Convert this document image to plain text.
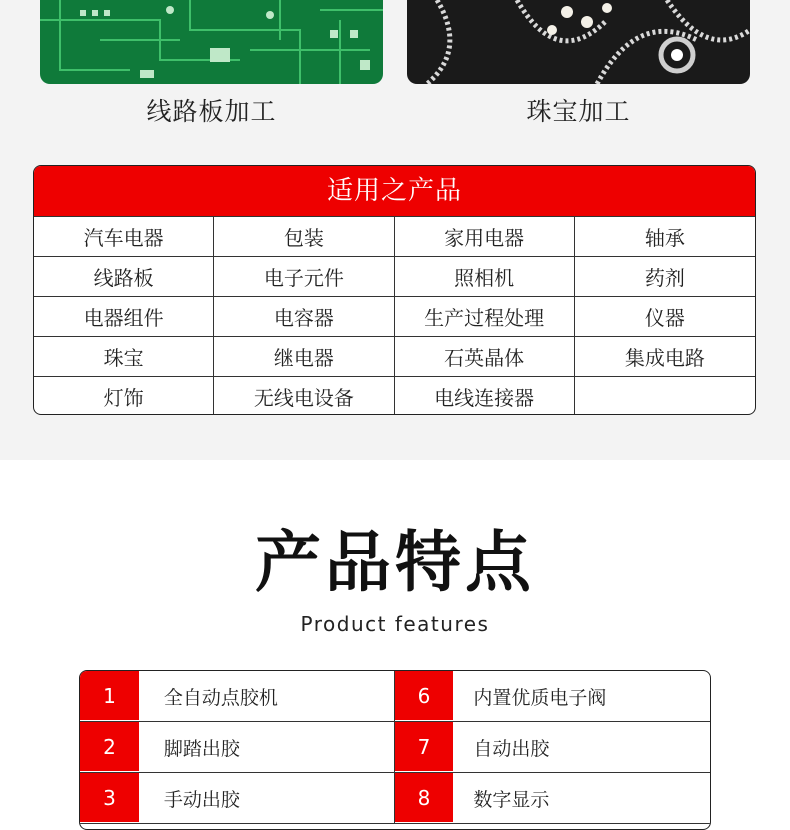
线路板加工	珠宝加工
适用之产品
汽车电器	包装	家用电器	轴承
线路板	电子元件	照相机	药剂
电器组件	电容器	生产过程处理	仪器
珠宝	继电器	石英晶体	集成电路
灯饰	无线电设备	电线连接器
产品特点
Product features
1	全自动点胶机	6	内置优质电子阀
2	脚踏出胶	7	自动出胶
3	手动出胶	8	数字显示
